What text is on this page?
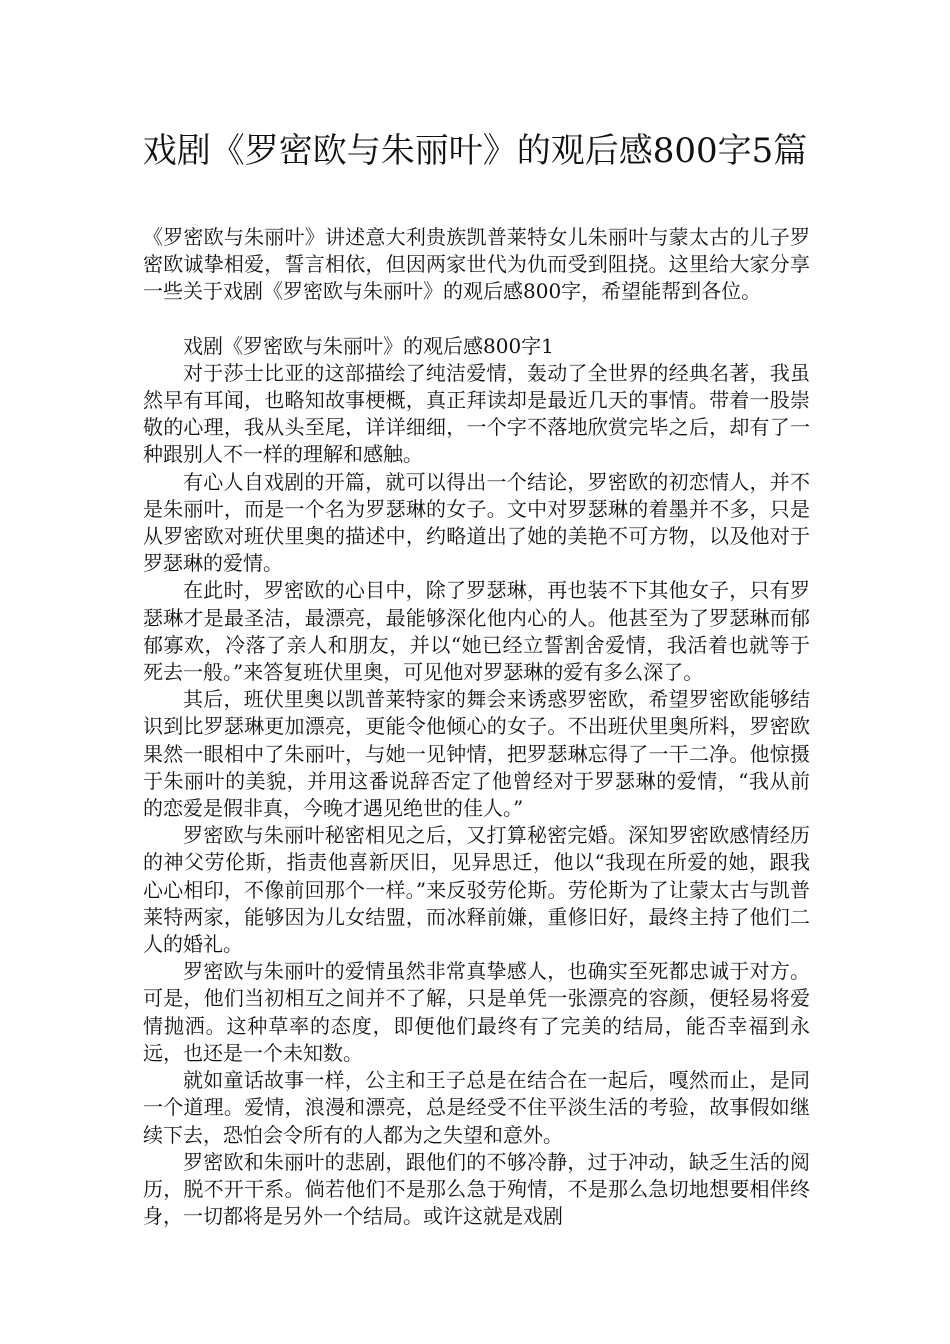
戏剧《罗密欧与朱丽叶》的观后感800字5篇

《罗密欧与朱丽叶》讲述意大利贵族凯普莱特女儿朱丽叶与蒙太古的儿子罗密欧诚挚相爱，誓言相依，但因两家世代为仇而受到阻挠。这里给大家分享一些关于戏剧《罗密欧与朱丽叶》的观后感800字，希望能帮到各位。

戏剧《罗密欧与朱丽叶》的观后感800字1

对于莎士比亚的这部描绘了纯洁爱情，轰动了全世界的经典名著，我虽然早有耳闻，也略知故事梗概，真正拜读却是最近几天的事情。带着一股崇敬的心理，我从头至尾，详详细细，一个字不落地欣赏完毕之后，却有了一种跟别人不一样的理解和感触。

有心人自戏剧的开篇，就可以得出一个结论，罗密欧的初恋情人，并不是朱丽叶，而是一个名为罗瑟琳的女子。文中对罗瑟琳的着墨并不多，只是从罗密欧对班伏里奥的描述中，约略道出了她的美艳不可方物，以及他对于罗瑟琳的爱情。

在此时，罗密欧的心目中，除了罗瑟琳，再也装不下其他女子，只有罗瑟琳才是最圣洁，最漂亮，最能够深化他内心的人。他甚至为了罗瑟琳而郁郁寡欢，冷落了亲人和朋友，并以“她已经立誓割舍爱情，我活着也就等于死去一般。”来答复班伏里奥，可见他对罗瑟琳的爱有多么深了。

其后，班伏里奥以凯普莱特家的舞会来诱惑罗密欧，希望罗密欧能够结识到比罗瑟琳更加漂亮，更能令他倾心的女子。不出班伏里奥所料，罗密欧果然一眼相中了朱丽叶，与她一见钟情，把罗瑟琳忘得了一干二净。他惊摄于朱丽叶的美貌，并用这番说辞否定了他曾经对于罗瑟琳的爱情，“我从前的恋爱是假非真，今晚才遇见绝世的佳人。”

罗密欧与朱丽叶秘密相见之后，又打算秘密完婚。深知罗密欧感情经历的神父劳伦斯，指责他喜新厌旧，见异思迁，他以“我现在所爱的她，跟我心心相印，不像前回那个一样。”来反驳劳伦斯。劳伦斯为了让蒙太古与凯普莱特两家，能够因为儿女结盟，而冰释前嫌，重修旧好，最终主持了他们二人的婚礼。

罗密欧与朱丽叶的爱情虽然非常真挚感人，也确实至死都忠诚于对方。可是，他们当初相互之间并不了解，只是单凭一张漂亮的容颜，便轻易将爱情抛洒。这种草率的态度，即便他们最终有了完美的结局，能否幸福到永远，也还是一个未知数。

就如童话故事一样，公主和王子总是在结合在一起后，嘎然而止，是同一个道理。爱情，浪漫和漂亮，总是经受不住平淡生活的考验，故事假如继续下去，恐怕会令所有的人都为之失望和意外。

罗密欧和朱丽叶的悲剧，跟他们的不够冷静，过于冲动，缺乏生活的阅历，脱不开干系。倘若他们不是那么急于殉情，不是那么急切地想要相伴终身，一切都将是另外一个结局。或许这就是戏剧
